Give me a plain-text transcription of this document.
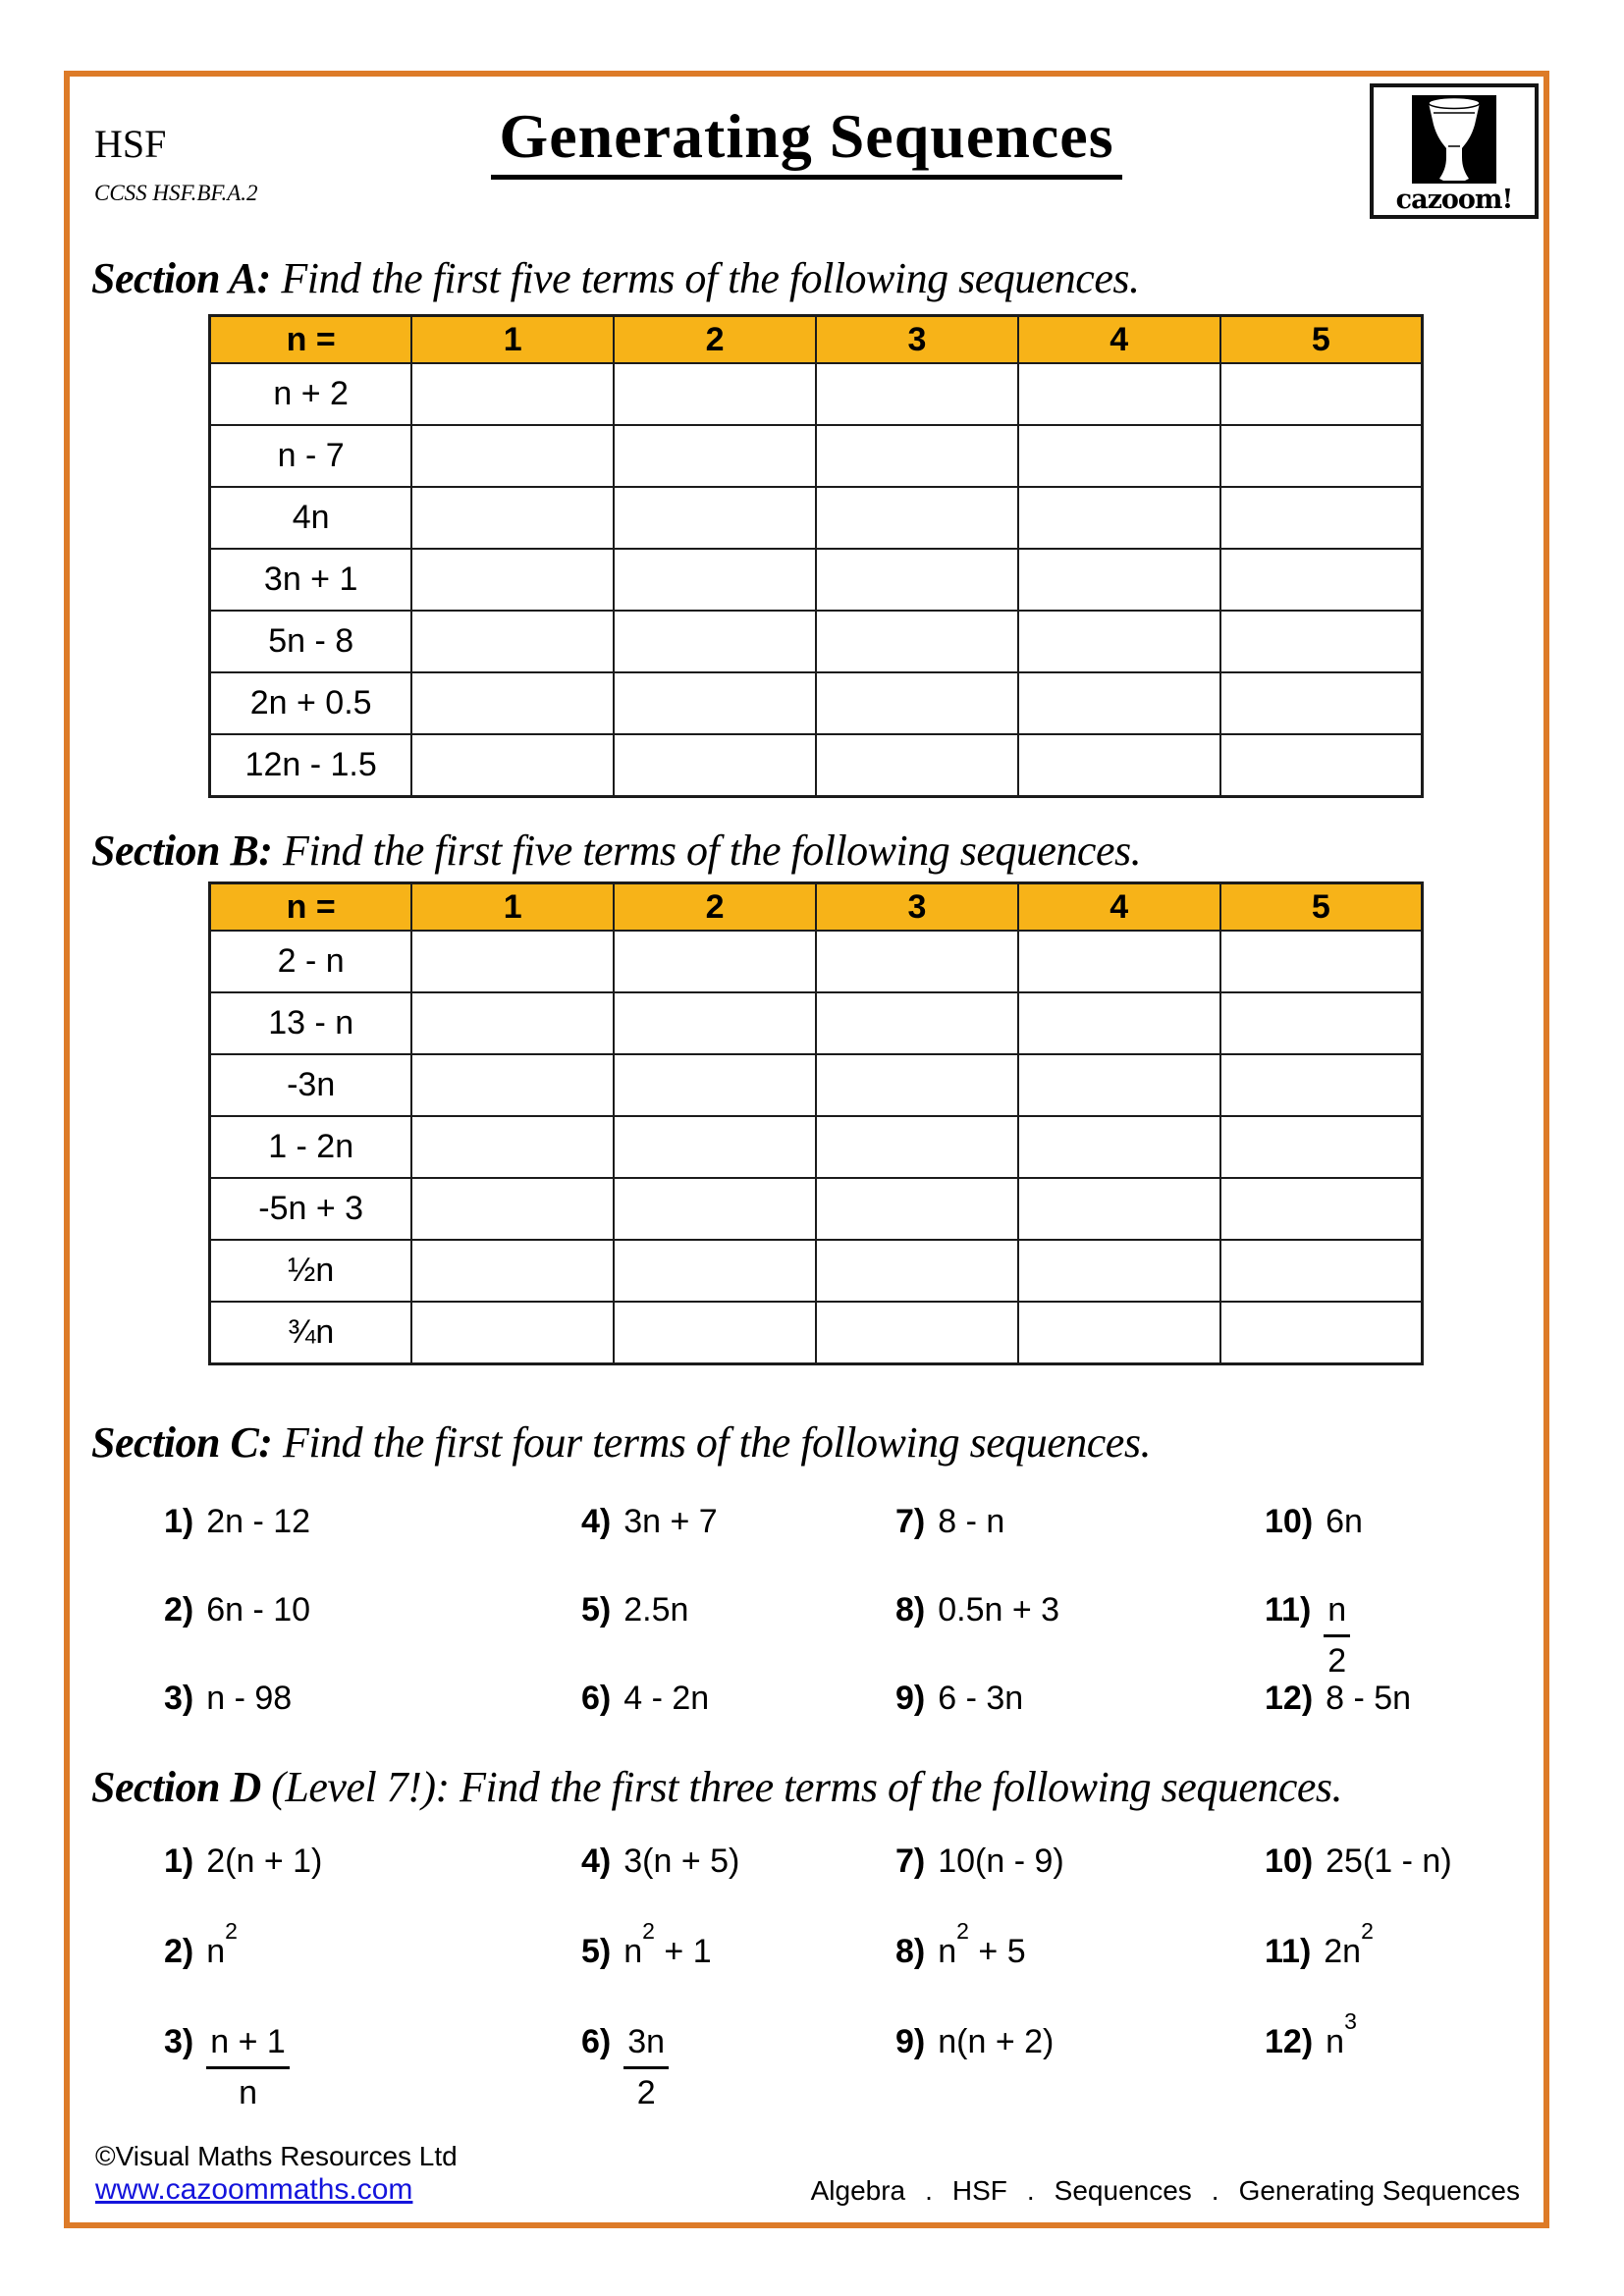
HSF
CCSS HSF.BF.A.2
Generating Sequences
cazoom!
Section A: Find the first five terms of the following sequences.
n =	1	2	3	4	5
n + 2					
n - 7					
4n					
3n + 1					
5n - 8					
2n + 0.5					
12n - 1.5					
Section B: Find the first five terms of the following sequences.
n =	1	2	3	4	5
2 - n					
13 - n					
-3n					
1 - 2n					
-5n + 3					
½n					
¾n					
Section C: Find the first four terms of the following sequences.
1) 2n - 12	4) 3n + 7	7) 8 - n	10) 6n
2) 6n - 10	5) 2.5n	8) 0.5n + 3	$11) \frac{n}{2}$
3) n - 98	6) 4 - 2n	9) 6 - 3n	12) 8 - 5n
Section D (Level 7!): Find the first three terms of the following sequences.
1) 2(n + 1)	4) 3(n + 5)	7) 10(n - 9)	10) 25(1 - n)
2) $n^2$
5) $n^2 + 1$	8) $n^2 + 5$	11) $2n^2$
$3) \frac{n + 1}{n}$	$6) \frac{3n}{2}$	9) n(n + 2)	12) $n^3$
©Visual Maths Resources Ltd
www.cazoommaths.com	Algebra . HSF . Sequences . Generating Sequences
